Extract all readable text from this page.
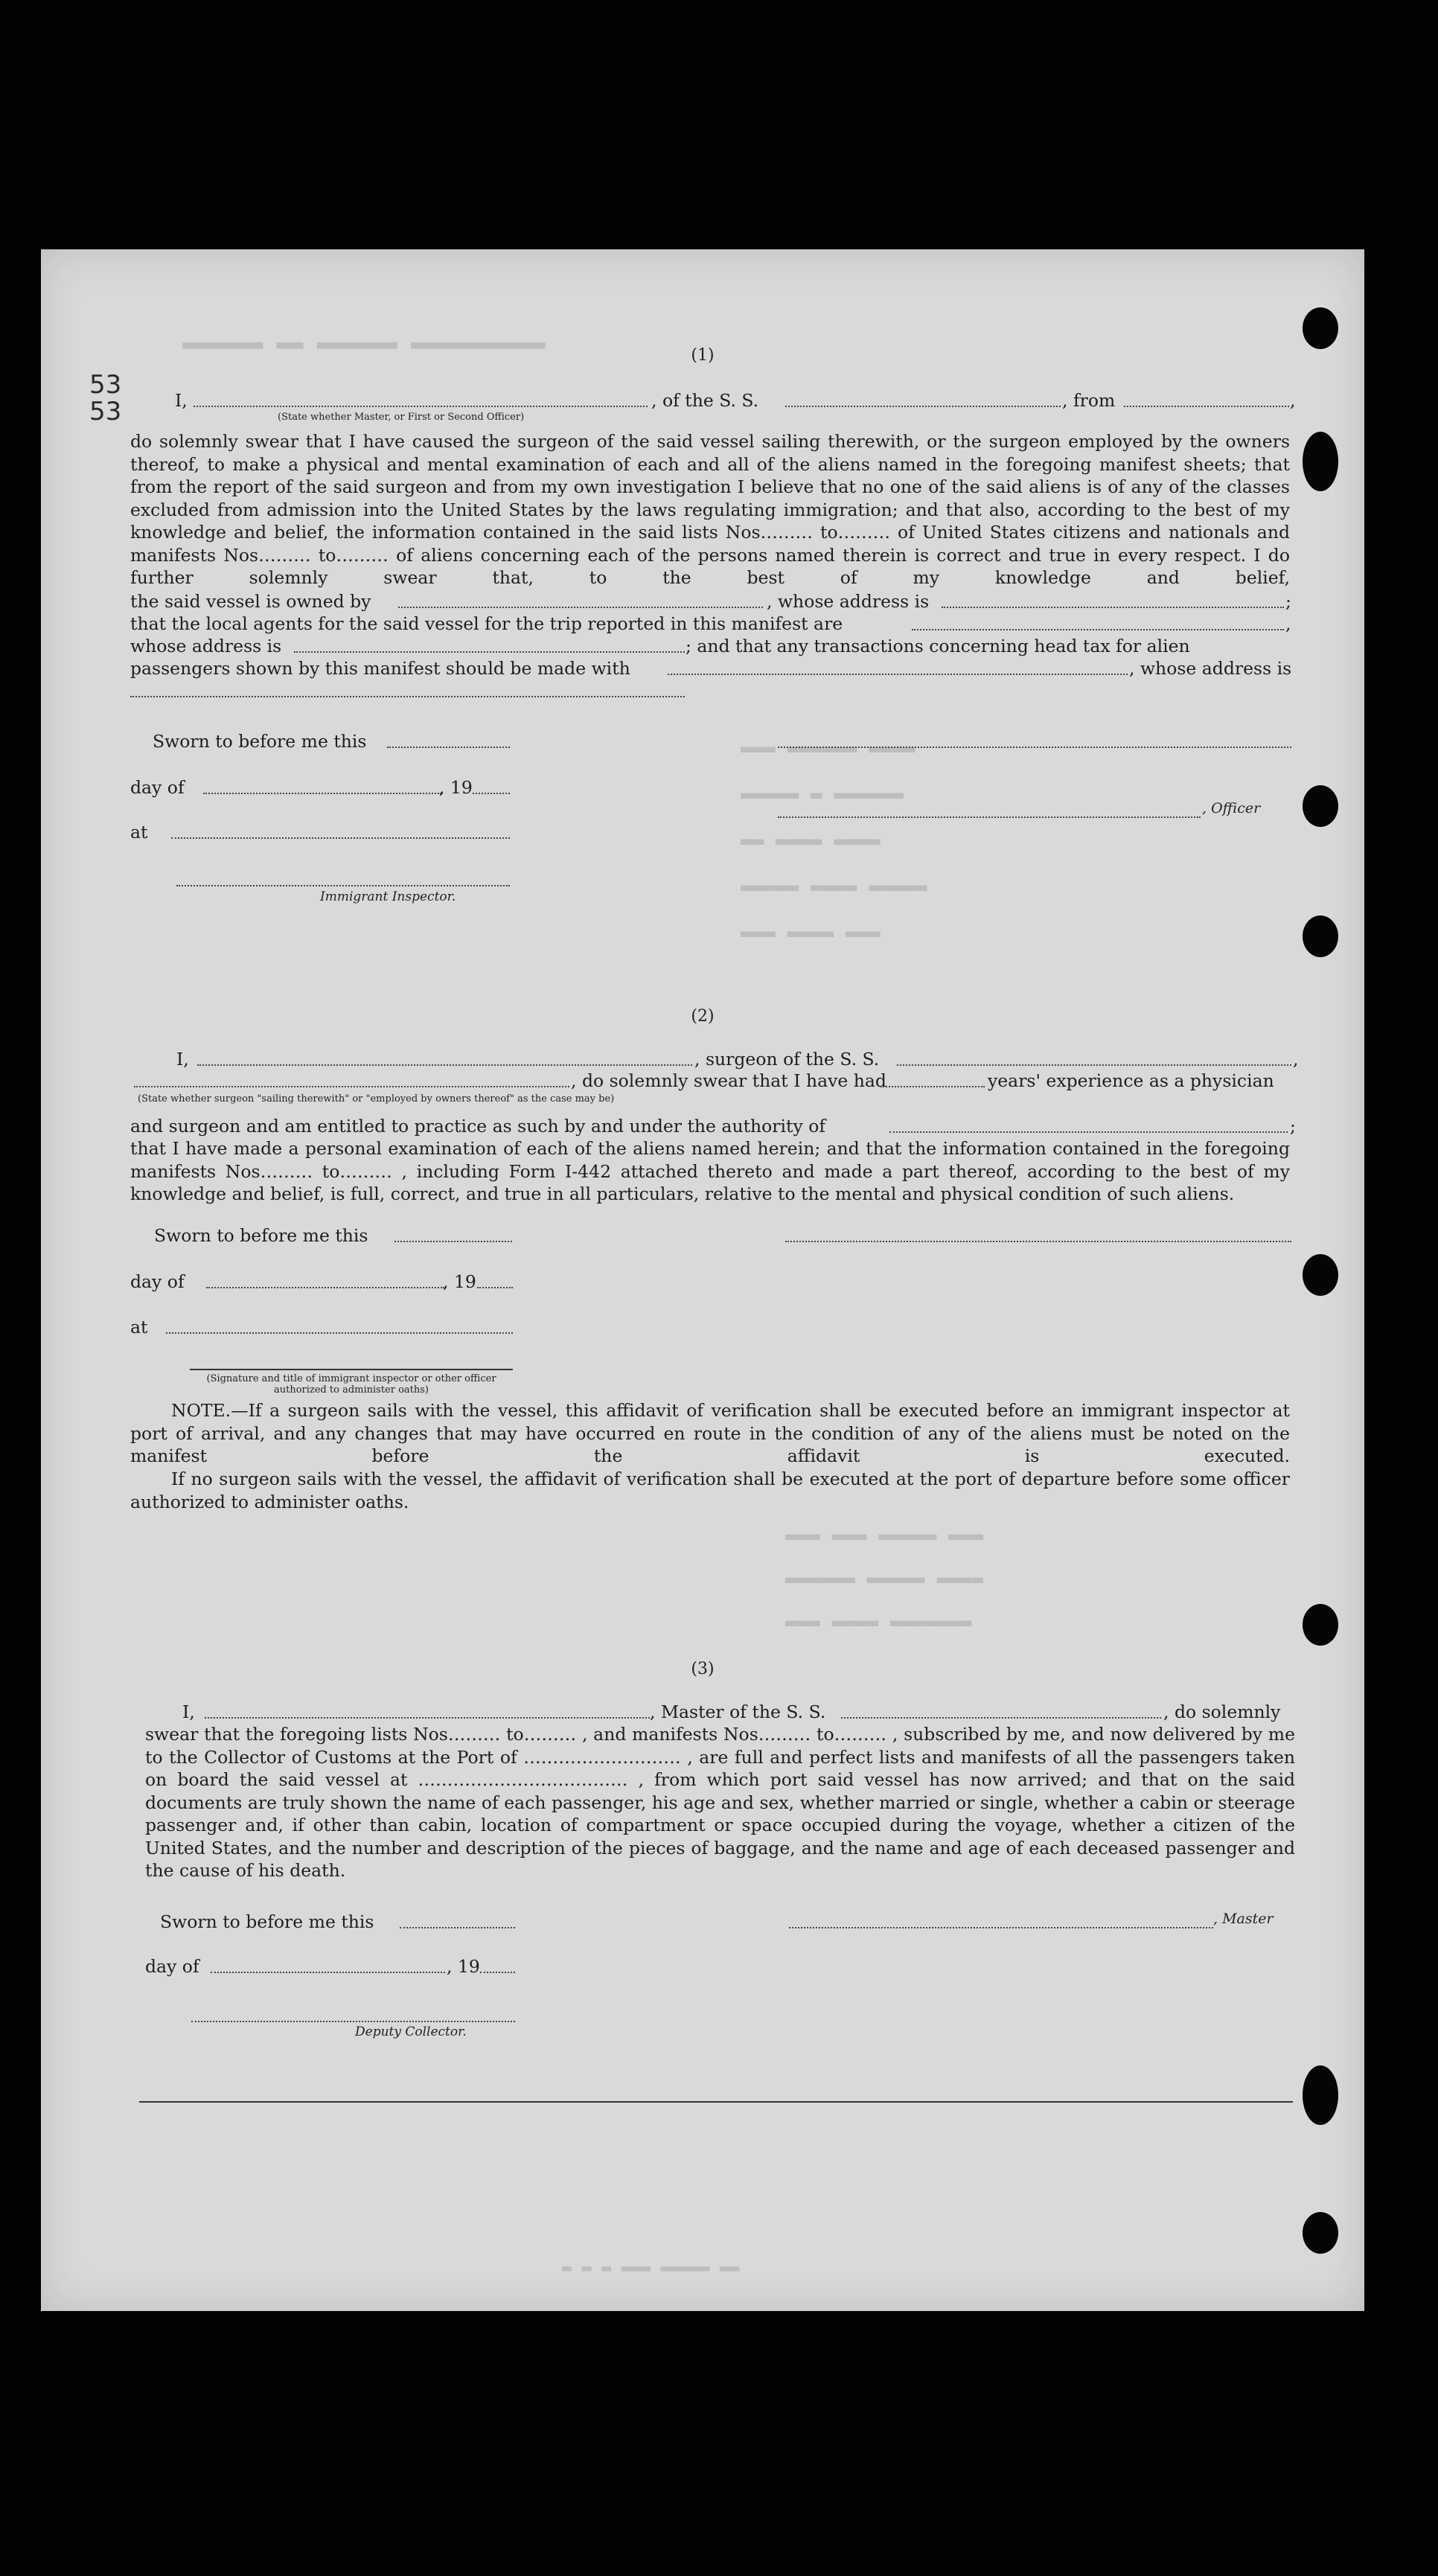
▬▬▬▬▬▬ ▬▬ ▬▬▬▬▬▬ ▬▬▬▬▬▬▬▬▬▬
▬▬▬ ▬▬▬▬▬▬ ▬▬▬▬
▬▬▬▬▬ ▬ ▬▬▬▬▬▬
▬▬ ▬▬▬▬ ▬▬▬▬
▬▬▬▬▬ ▬▬▬▬ ▬▬▬▬▬
▬▬▬ ▬▬▬▬ ▬▬▬
▬▬▬ ▬▬▬ ▬▬▬▬▬ ▬▬▬
▬▬▬▬▬▬ ▬▬▬▬▬ ▬▬▬▬
▬▬▬ ▬▬▬▬ ▬▬▬▬▬▬▬
▬ ▬ ▬ ▬▬▬ ▬▬▬▬▬ ▬▬
53
53
(1)
I,	, of the S. S.	, from	,
(State whether Master, or First or Second Officer)

do solemnly swear that I have caused the surgeon of the said vessel sailing therewith, or the surgeon employed by the owners thereof, to make a physical and mental examination of each and all of the aliens named in the foregoing manifest sheets; that from the report of the said surgeon and from my own investigation I believe that no one of the said aliens is of any of the classes excluded from admission into the United States by the laws regulating immigration; and that also, according to the best of my knowledge and belief, the information contained in the said lists Nos……… to……… of United States citizens and nationals and manifests Nos……… to……… of aliens concerning each of the persons named therein is correct and true in every respect. I do further solemnly swear that, to the best of my knowledge and belief,

the said vessel is owned by	, whose address is	;
that the local agents for the said vessel for the trip reported in this manifest are	,
whose address is	; and that any transactions concerning head tax for alien
passengers shown by this manifest should be made with	, whose address is
Sworn to before me this
day of	, 19
, Officer
at
Immigrant Inspector.
(2)
I,	, surgeon of the S. S.	,
, do solemnly swear that I have had	years' experience as a physician
(State whether surgeon "sailing therewith" or "employed by owners thereof" as the case may be)
and surgeon and am entitled to practice as such by and under the authority of	;

that I have made a personal examination of each of the aliens named herein; and that the information contained in the foregoing manifests Nos……… to……… , including Form I-442 attached thereto and made a part thereof, according to the best of my knowledge and belief, is full, correct, and true in all particulars, relative to the mental and physical condition of such aliens.

Sworn to before me this
day of	, 19
at
(Signature and title of immigrant inspector or other officer authorized to administer oaths)

NOTE.—If a surgeon sails with the vessel, this affidavit of verification shall be executed before an immigrant inspector at port of arrival, and any changes that may have occurred en route in the condition of any of the aliens must be noted on the manifest before the affidavit is executed.

If no surgeon sails with the vessel, the affidavit of verification shall be executed at the port of departure before some officer authorized to administer oaths.

(3)
I,	, Master of the S. S.	, do solemnly

swear that the foregoing lists Nos……… to……… , and manifests Nos……… to……… , subscribed by me, and now delivered by me to the Collector of Customs at the Port of ……………………… , are full and perfect lists and manifests of all the passengers taken on board the said vessel at ……………………………… , from which port said vessel has now arrived; and that on the said documents are truly shown the name of each passenger, his age and sex, whether married or single, whether a cabin or steerage passenger and, if other than cabin, location of compartment or space occupied during the voyage, whether a citizen of the United States, and the number and description of the pieces of baggage, and the name and age of each deceased passenger and the cause of his death.

Sworn to before me this	, Master
day of	, 19
Deputy Collector.
